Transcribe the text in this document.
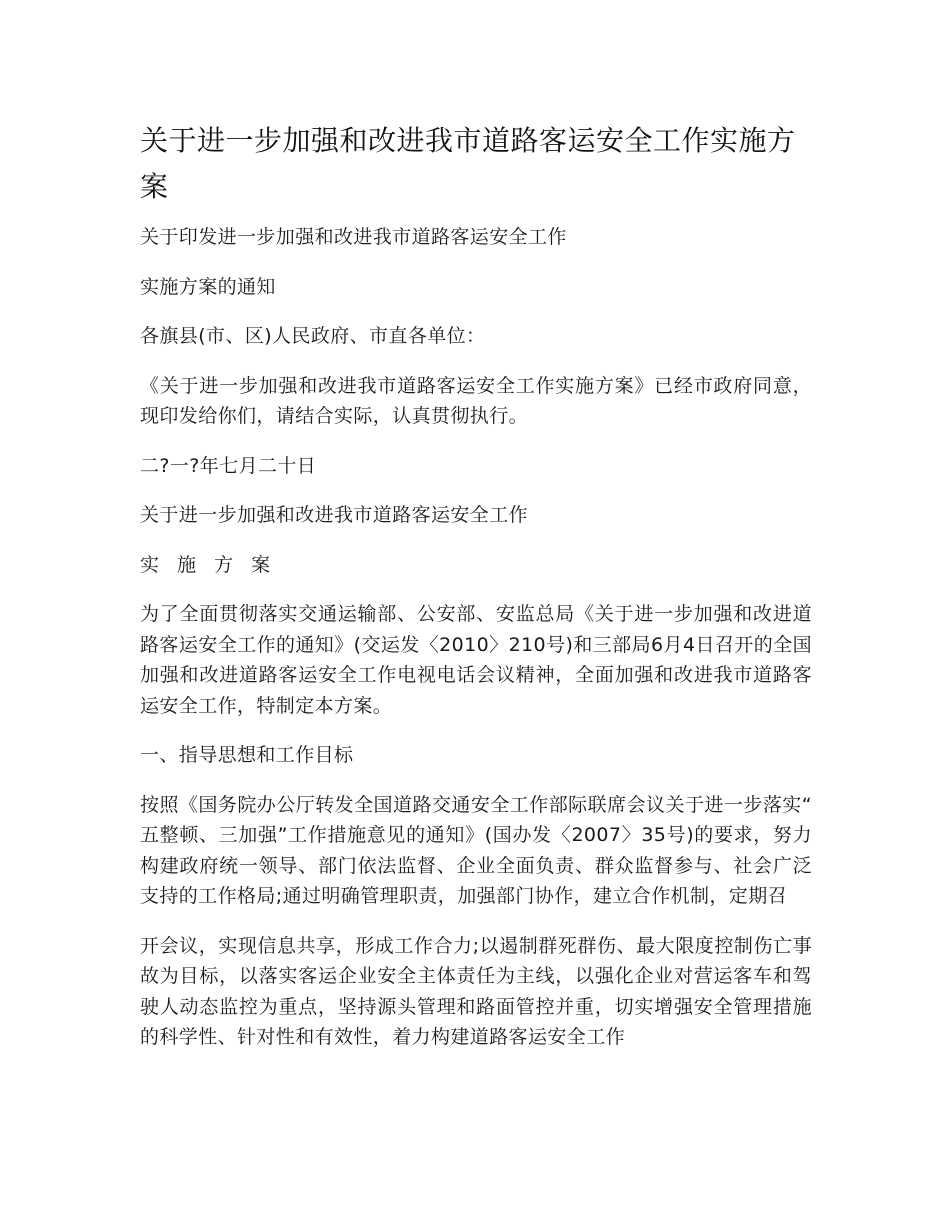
关于进一步加强和改进我市道路客运安全工作实施方案

关于印发进一步加强和改进我市道路客运安全工作

实施方案的通知

各旗县(市、区)人民政府、市直各单位：

《关于进一步加强和改进我市道路客运安全工作实施方案》已经市政府同意，现印发给你们，请结合实际，认真贯彻执行。

二?一?年七月二十日

关于进一步加强和改进我市道路客运安全工作

实 施 方 案

为了全面贯彻落实交通运输部、公安部、安监总局《关于进一步加强和改进道路客运安全工作的通知》(交运发〈2010〉210号)和三部局6月4日召开的全国加强和改进道路客运安全工作电视电话会议精神，全面加强和改进我市道路客运安全工作，特制定本方案。

一、指导思想和工作目标

按照《国务院办公厅转发全国道路交通安全工作部际联席会议关于进一步落实“五整顿、三加强”工作措施意见的通知》(国办发〈2007〉35号)的要求，努力构建政府统一领导、部门依法监督、企业全面负责、群众监督参与、社会广泛支持的工作格局;通过明确管理职责，加强部门协作，建立合作机制，定期召

开会议，实现信息共享，形成工作合力;以遏制群死群伤、最大限度控制伤亡事故为目标，以落实客运企业安全主体责任为主线，以强化企业对营运客车和驾驶人动态监控为重点，坚持源头管理和路面管控并重，切实增强安全管理措施的科学性、针对性和有效性，着力构建道路客运安全工作
